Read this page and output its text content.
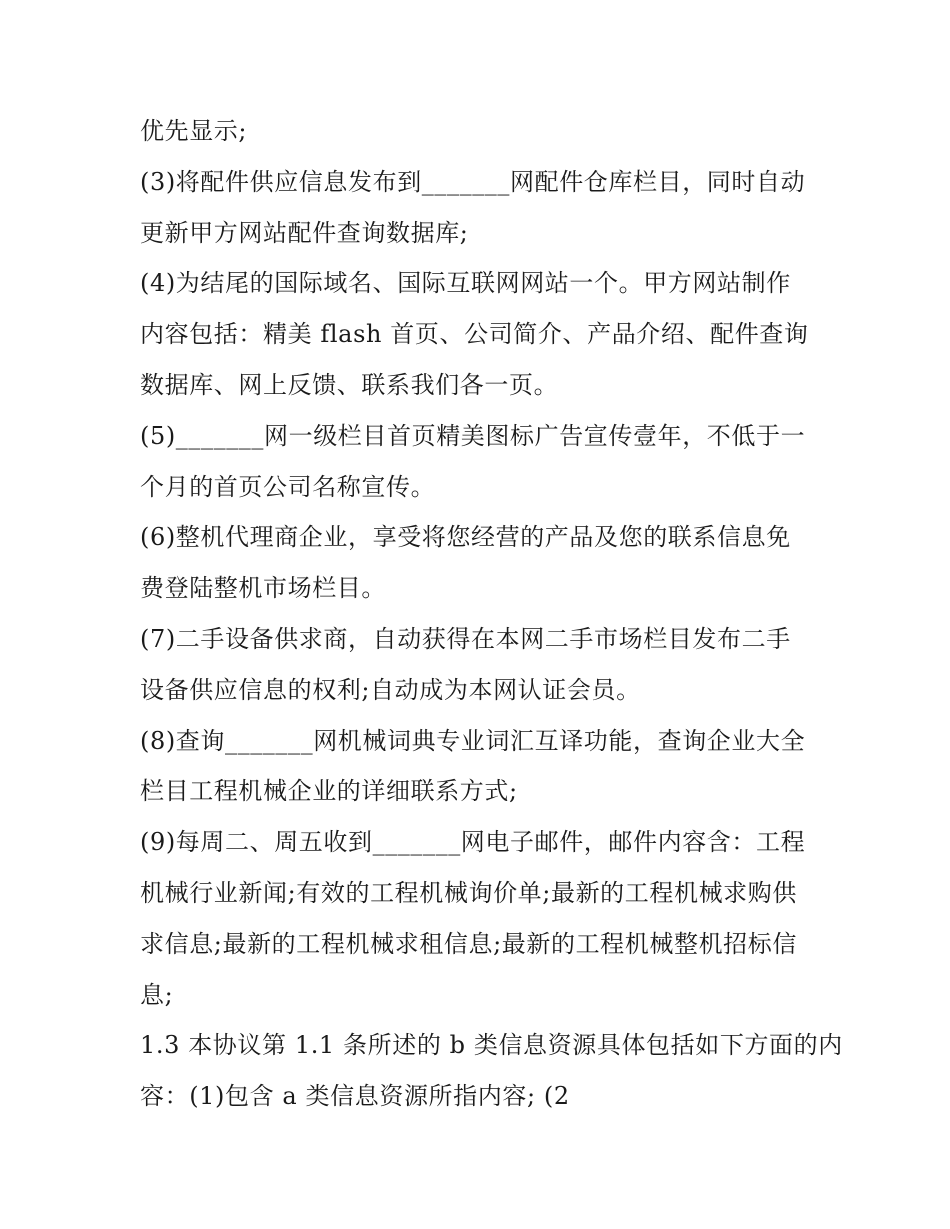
优先显示;
(3)将配件供应信息发布到_______网配件仓库栏目，同时自动
更新甲方网站配件查询数据库;
(4)为结尾的国际域名、国际互联网网站一个。甲方网站制作
内容包括：精美 flash 首页、公司简介、产品介绍、配件查询
数据库、网上反馈、联系我们各一页。
(5)_______网一级栏目首页精美图标广告宣传壹年，不低于一
个月的首页公司名称宣传。
(6)整机代理商企业，享受将您经营的产品及您的联系信息免
费登陆整机市场栏目。
(7)二手设备供求商，自动获得在本网二手市场栏目发布二手
设备供应信息的权利;自动成为本网认证会员。
(8)查询_______网机械词典专业词汇互译功能，查询企业大全
栏目工程机械企业的详细联系方式;
(9)每周二、周五收到_______网电子邮件，邮件内容含：工程
机械行业新闻;有效的工程机械询价单;最新的工程机械求购供
求信息;最新的工程机械求租信息;最新的工程机械整机招标信
息;
1.3 本协议第 1.1 条所述的 b 类信息资源具体包括如下方面的内
容：(1)包含 a 类信息资源所指内容; (2
